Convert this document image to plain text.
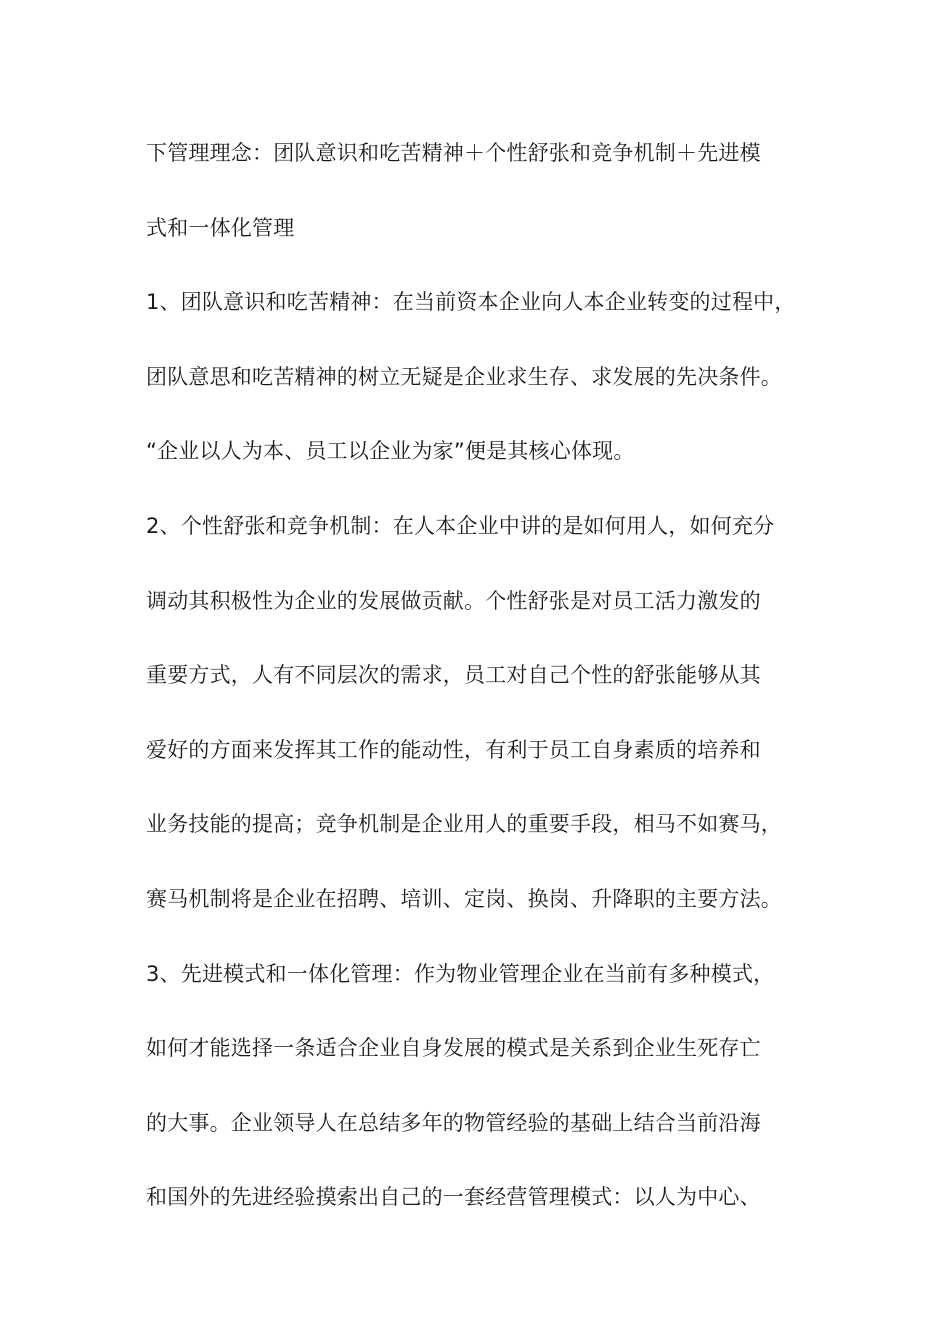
下管理理念：团队意识和吃苦精神＋个性舒张和竞争机制＋先进模
式和一体化管理
1、团队意识和吃苦精神：在当前资本企业向人本企业转变的过程中，
团队意思和吃苦精神的树立无疑是企业求生存、求发展的先决条件。
“企业以人为本、员工以企业为家”便是其核心体现。
2、个性舒张和竞争机制：在人本企业中讲的是如何用人，如何充分
调动其积极性为企业的发展做贡献。个性舒张是对员工活力激发的
重要方式，人有不同层次的需求，员工对自己个性的舒张能够从其
爱好的方面来发挥其工作的能动性，有利于员工自身素质的培养和
业务技能的提高；竞争机制是企业用人的重要手段，相马不如赛马，
赛马机制将是企业在招聘、培训、定岗、换岗、升降职的主要方法。
3、先进模式和一体化管理：作为物业管理企业在当前有多种模式，
如何才能选择一条适合企业自身发展的模式是关系到企业生死存亡
的大事。企业领导人在总结多年的物管经验的基础上结合当前沿海
和国外的先进经验摸索出自己的一套经营管理模式：以人为中心、
